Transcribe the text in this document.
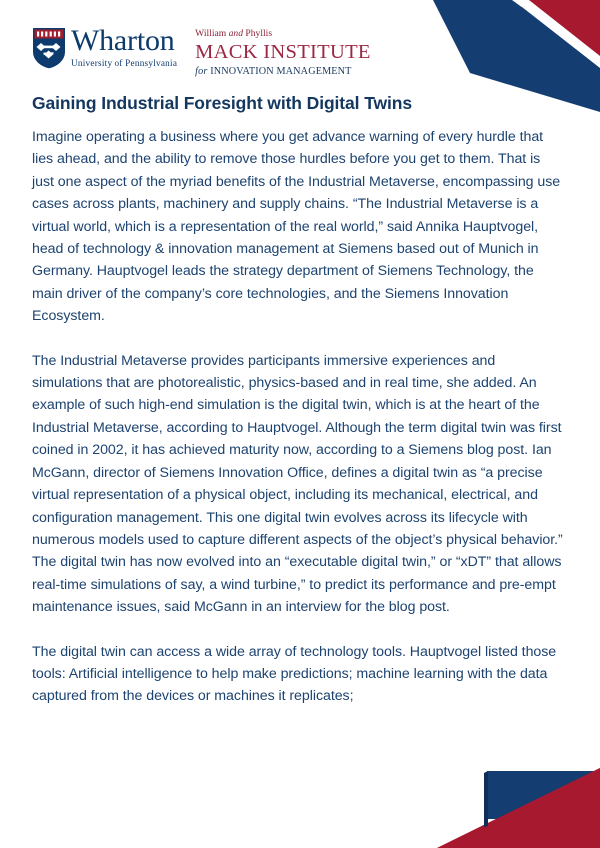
Wharton
University of Pennsylvania
William and Phyllis
MACK INSTITUTE
for INNOVATION MANAGEMENT
Gaining Industrial Foresight with Digital Twins

Imagine operating a business where you get advance warning of every hurdle that lies ahead, and the ability to remove those hurdles before you get to them. That is just one aspect of the myriad benefits of the Industrial Metaverse, encompassing use cases across plants, machinery and supply chains. “The Industrial Metaverse is a virtual world, which is a representation of the real world,” said Annika Hauptvogel, head of technology & innovation management at Siemens based out of Munich in Germany. Hauptvogel leads the strategy department of Siemens Technology, the main driver of the company’s core technologies, and the Siemens Innovation Ecosystem.

The Industrial Metaverse provides participants immersive experiences and simulations that are photorealistic, physics-based and in real time, she added. An example of such high-end simulation is the digital twin, which is at the heart of the Industrial Metaverse, according to Hauptvogel. Although the term digital twin was first coined in 2002, it has achieved maturity now, according to a Siemens blog post. Ian McGann, director of Siemens Innovation Office, defines a digital twin as “a precise virtual representation of a physical object, including its mechanical, electrical, and configuration management. This one digital twin evolves across its lifecycle with numerous models used to capture different aspects of the object’s physical behavior.” The digital twin has now evolved into an “executable digital twin,” or “xDT” that allows real-time simulations of say, a wind turbine,” to predict its performance and pre-empt maintenance issues, said McGann in an interview for the blog post.

The digital twin can access a wide array of technology tools. Hauptvogel listed those tools: Artificial intelligence to help make predictions; machine learning with the data captured from the devices or machines it replicates;
